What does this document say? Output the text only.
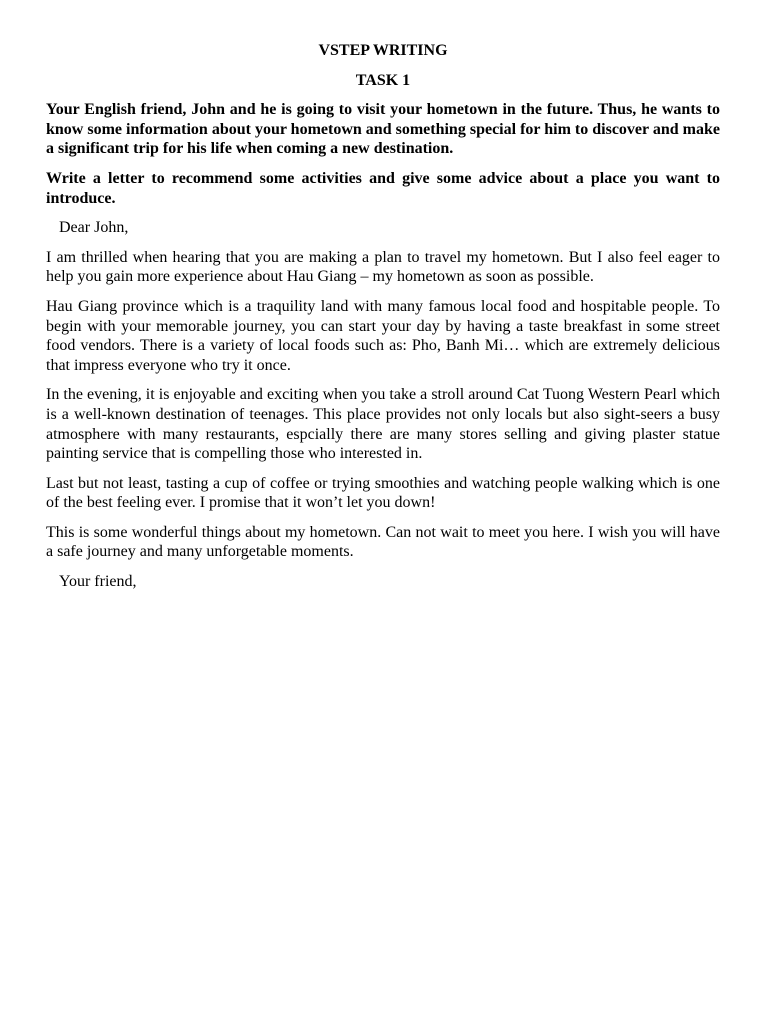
VSTEP WRITING

TASK 1

Your English friend, John and he is going to visit your hometown in the future. Thus, he wants to know some information about your hometown and something special for him to discover and make a significant trip for his life when coming a new destination.

Write a letter to recommend some activities and give some advice about a place you want to introduce.

Dear John,

I am thrilled when hearing that you are making a plan to travel my hometown. But I also feel eager to help you gain more experience about Hau Giang – my hometown as soon as possible.

Hau Giang province which is a traquility land with many famous local food and hospitable people. To begin with your memorable journey, you can start your day by having a taste breakfast in some street food vendors. There is a variety of local foods such as: Pho, Banh Mi… which are extremely delicious that impress everyone who try it once.

In the evening, it is enjoyable and exciting when you take a stroll around Cat Tuong Western Pearl which is a well-known destination of teenages. This place provides not only locals but also sight-seers a busy atmosphere with many restaurants, espcially there are many stores selling and giving plaster statue painting service that is compelling those who interested in.

Last but not least, tasting a cup of coffee or trying smoothies and watching people walking which is one of the best feeling ever. I promise that it won’t let you down!

This is some wonderful things about my hometown. Can not wait to meet you here. I wish you will have a safe journey and many unforgetable moments.

Your friend,
